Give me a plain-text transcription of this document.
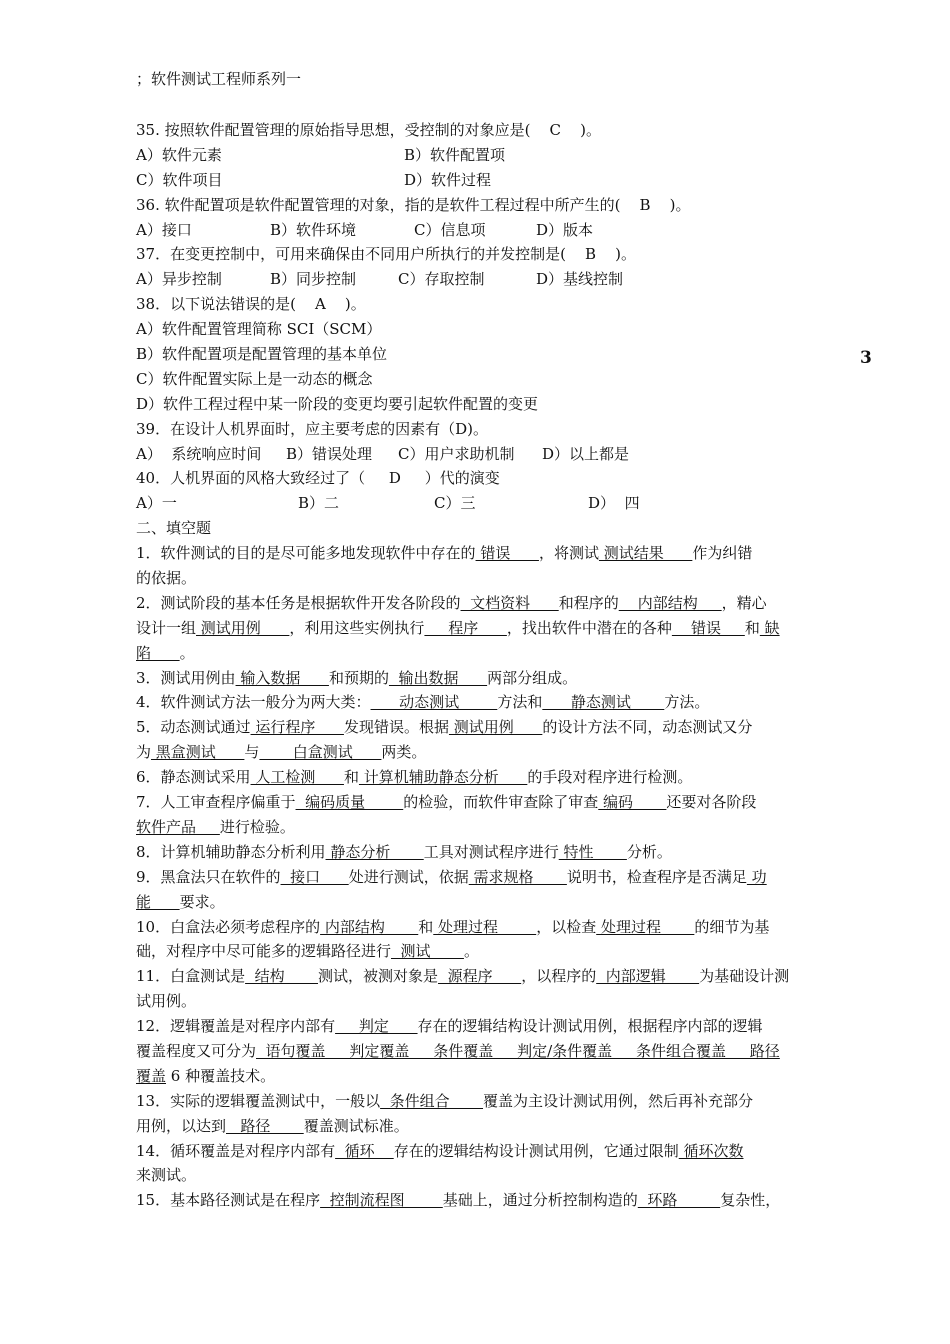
；软件测试工程师系列一
3
35. 按照软件配置管理的原始指导思想，受控制的对象应是(    C    )。
A）软件元素	B）软件配置项
C）软件项目	D）软件过程
36. 软件配置项是软件配置管理的对象，指的是软件工程过程中所产生的(    B    )。
A）接口	B）软件环境	C）信息项	D）版本
37．在变更控制中，可用来确保由不同用户所执行的并发控制是(    B    )。
A）异步控制	B）同步控制	C）存取控制	D）基线控制
38．以下说法错误的是(    A    )。
A）软件配置管理简称 SCI（SCM）
B）软件配置项是配置管理的基本单位
C）软件配置实际上是一动态的概念
D）软件工程过程中某一阶段的变更均要引起软件配置的变更
39．在设计人机界面时，应主要考虑的因素有（D)。
A）  系统响应时间 B）错误处理 C）用户求助机制 D）以上都是
40．人机界面的风格大致经过了（     D     ）代的演变
A）一	B）二	C）三	D）  四
二、填空题
1．软件测试的目的是尽可能多地发现软件中存在的 错误      ，将测试 测试结果      作为纠错
的依据。
2．测试阶段的基本任务是根据软件开发各阶段的  文档资料      和程序的    内部结构     ，精心
设计一组 测试用例      ，利用这些实例执行     程序      ，找出软件中潜在的各种    错误     和 缺
陷      。
3．测试用例由 输入数据      和预期的  输出数据      两部分组成。
4．软件测试方法一般分为两大类：      动态测试        方法和      静态测试       方法。
5．动态测试通过 运行程序      发现错误。根据 测试用例      的设计方法不同，动态测试又分
为 黑盒测试      与       白盒测试      两类。
6．静态测试采用 人工检测      和 计算机辅助静态分析      的手段对程序进行检测。
7．人工审查程序偏重于  编码质量        的检验，而软件审查除了审查 编码       还要对各阶段
软件产品     进行检验。
8．计算机辅助静态分析利用 静态分析       工具对测试程序进行 特性       分析。
9．黑盒法只在软件的  接口      处进行测试，依据 需求规格       说明书，检查程序是否满足 功
能      要求。
10．白盒法必须考虑程序的 内部结构       和 处理过程        ，以检查 处理过程       的细节为基
础，对程序中尽可能多的逻辑路径进行  测试       。
11．白盒测试是  结构       测试，被测对象是  源程序      ，以程序的  内部逻辑       为基础设计测
试用例。
12．逻辑覆盖是对程序内部有     判定      存在的逻辑结构设计测试用例，根据程序内部的逻辑
覆盖程度又可分为  语句覆盖     判定覆盖     条件覆盖     判定/条件覆盖     条件组合覆盖     路径
覆盖 6 种覆盖技术。
13．实际的逻辑覆盖测试中，一般以  条件组合       覆盖为主设计测试用例，然后再补充部分
用例，以达到   路径       覆盖测试标准。
14．循环覆盖是对程序内部有  循环    存在的逻辑结构设计测试用例，它通过限制 循环次数
来测试。
15．基本路径测试是在程序  控制流程图        基础上，通过分析控制构造的  环路         复杂性，
